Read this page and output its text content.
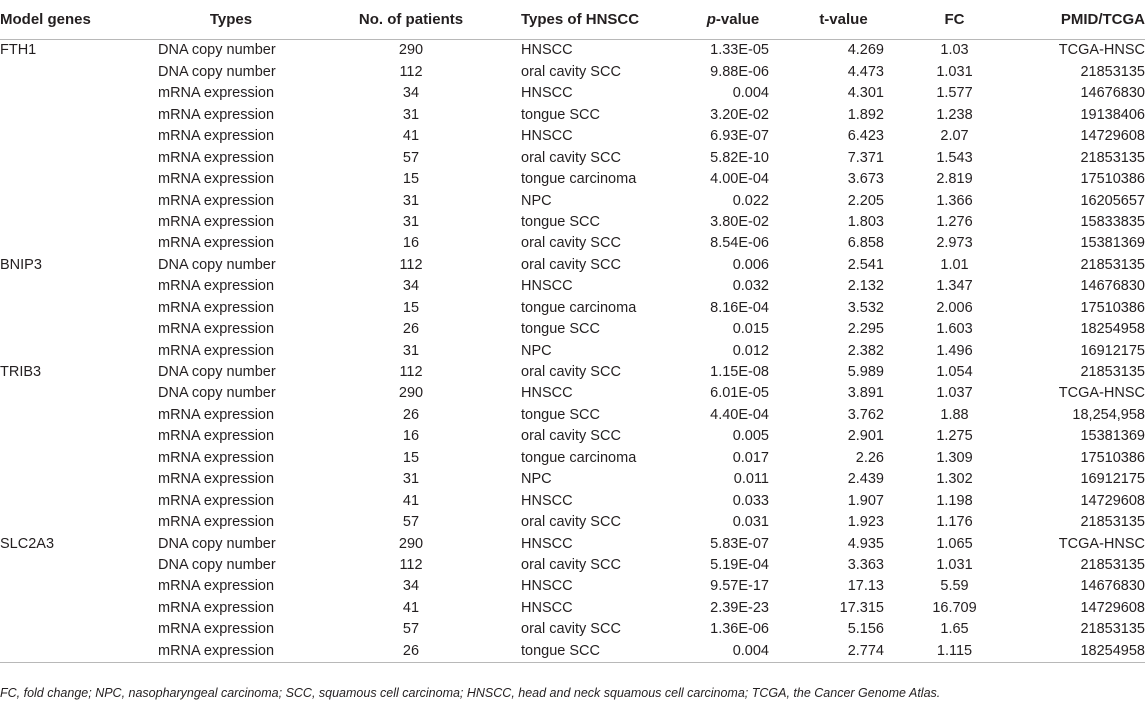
Model genes	Types	No. of patients	Types of HNSCC	p-value	t-value	FC	PMID/TCGA
FTH1	DNA copy number	290	HNSCC	1.33E-05	4.269	1.03	TCGA-HNSC
	DNA copy number	112	oral cavity SCC	9.88E-06	4.473	1.031	21853135
	mRNA expression	34	HNSCC	0.004	4.301	1.577	14676830
	mRNA expression	31	tongue SCC	3.20E-02	1.892	1.238	19138406
	mRNA expression	41	HNSCC	6.93E-07	6.423	2.07	14729608
	mRNA expression	57	oral cavity SCC	5.82E-10	7.371	1.543	21853135
	mRNA expression	15	tongue carcinoma	4.00E-04	3.673	2.819	17510386
	mRNA expression	31	NPC	0.022	2.205	1.366	16205657
	mRNA expression	31	tongue SCC	3.80E-02	1.803	1.276	15833835
	mRNA expression	16	oral cavity SCC	8.54E-06	6.858	2.973	15381369
BNIP3	DNA copy number	112	oral cavity SCC	0.006	2.541	1.01	21853135
	mRNA expression	34	HNSCC	0.032	2.132	1.347	14676830
	mRNA expression	15	tongue carcinoma	8.16E-04	3.532	2.006	17510386
	mRNA expression	26	tongue SCC	0.015	2.295	1.603	18254958
	mRNA expression	31	NPC	0.012	2.382	1.496	16912175
TRIB3	DNA copy number	112	oral cavity SCC	1.15E-08	5.989	1.054	21853135
	DNA copy number	290	HNSCC	6.01E-05	3.891	1.037	TCGA-HNSC
	mRNA expression	26	tongue SCC	4.40E-04	3.762	1.88	18,254,958
	mRNA expression	16	oral cavity SCC	0.005	2.901	1.275	15381369
	mRNA expression	15	tongue carcinoma	0.017	2.26	1.309	17510386
	mRNA expression	31	NPC	0.011	2.439	1.302	16912175
	mRNA expression	41	HNSCC	0.033	1.907	1.198	14729608
	mRNA expression	57	oral cavity SCC	0.031	1.923	1.176	21853135
SLC2A3	DNA copy number	290	HNSCC	5.83E-07	4.935	1.065	TCGA-HNSC
	DNA copy number	112	oral cavity SCC	5.19E-04	3.363	1.031	21853135
	mRNA expression	34	HNSCC	9.57E-17	17.13	5.59	14676830
	mRNA expression	41	HNSCC	2.39E-23	17.315	16.709	14729608
	mRNA expression	57	oral cavity SCC	1.36E-06	5.156	1.65	21853135
	mRNA expression	26	tongue SCC	0.004	2.774	1.115	18254958
FC, fold change; NPC, nasopharyngeal carcinoma; SCC, squamous cell carcinoma; HNSCC, head and neck squamous cell carcinoma; TCGA, the Cancer Genome Atlas.
